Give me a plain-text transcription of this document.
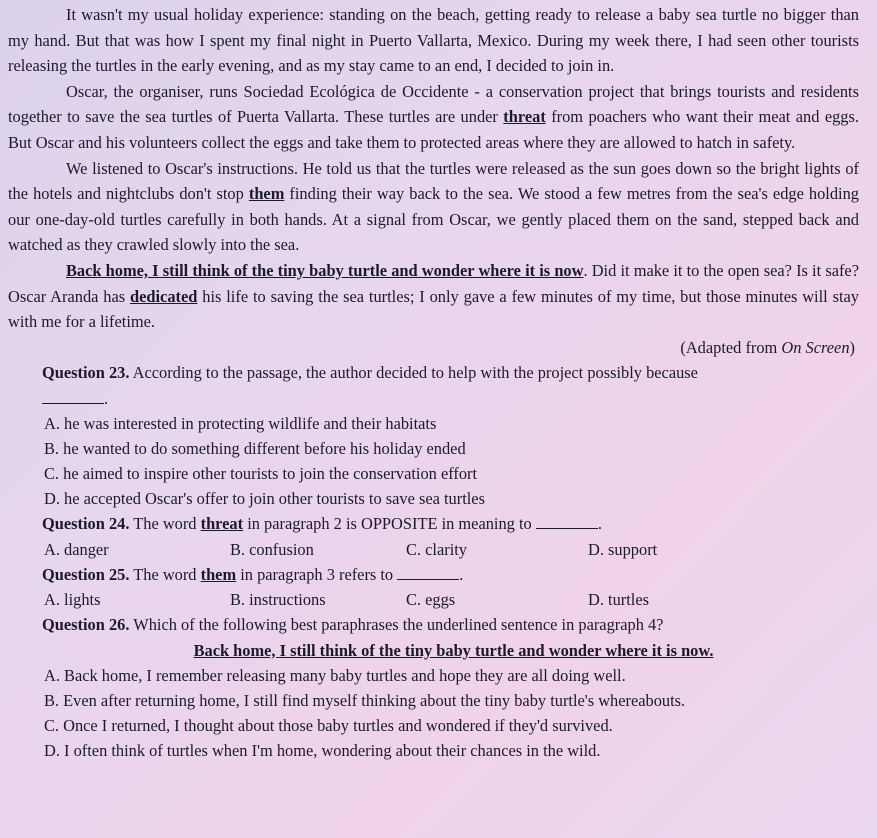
It wasn't my usual holiday experience: standing on the beach, getting ready to release a baby sea turtle no bigger than my hand. But that was how I spent my final night in Puerto Vallarta, Mexico. During my week there, I had seen other tourists releasing the turtles in the early evening, and as my stay came to an end, I decided to join in.

Oscar, the organiser, runs Sociedad Ecológica de Occidente - a conservation project that brings tourists and residents together to save the sea turtles of Puerta Vallarta. These turtles are under threat from poachers who want their meat and eggs. But Oscar and his volunteers collect the eggs and take them to protected areas where they are allowed to hatch in safety.

We listened to Oscar's instructions. He told us that the turtles were released as the sun goes down so the bright lights of the hotels and nightclubs don't stop them finding their way back to the sea. We stood a few metres from the sea's edge holding our one-day-old turtles carefully in both hands. At a signal from Oscar, we gently placed them on the sand, stepped back and watched as they crawled slowly into the sea.

Back home, I still think of the tiny baby turtle and wonder where it is now. Did it make it to the open sea? Is it safe? Oscar Aranda has dedicated his life to saving the sea turtles; I only gave a few minutes of my time, but those minutes will stay with me for a lifetime.

(Adapted from On Screen)

Question 23. According to the passage, the author decided to help with the project possibly because

.

A. he was interested in protecting wildlife and their habitats

B. he wanted to do something different before his holiday ended

C. he aimed to inspire other tourists to join the conservation effort

D. he accepted Oscar's offer to join other tourists to save sea turtles

Question 24. The word threat in paragraph 2 is OPPOSITE in meaning to	.

A. danger	B. confusion	C. clarity	D. support

Question 25. The word them in paragraph 3 refers to	.

A. lights	B. instructions	C. eggs	D. turtles

Question 26. Which of the following best paraphrases the underlined sentence in paragraph 4?

Back home, I still think of the tiny baby turtle and wonder where it is now.

A. Back home, I remember releasing many baby turtles and hope they are all doing well.

B. Even after returning home, I still find myself thinking about the tiny baby turtle's whereabouts.

C. Once I returned, I thought about those baby turtles and wondered if they'd survived.

D. I often think of turtles when I'm home, wondering about their chances in the wild.
